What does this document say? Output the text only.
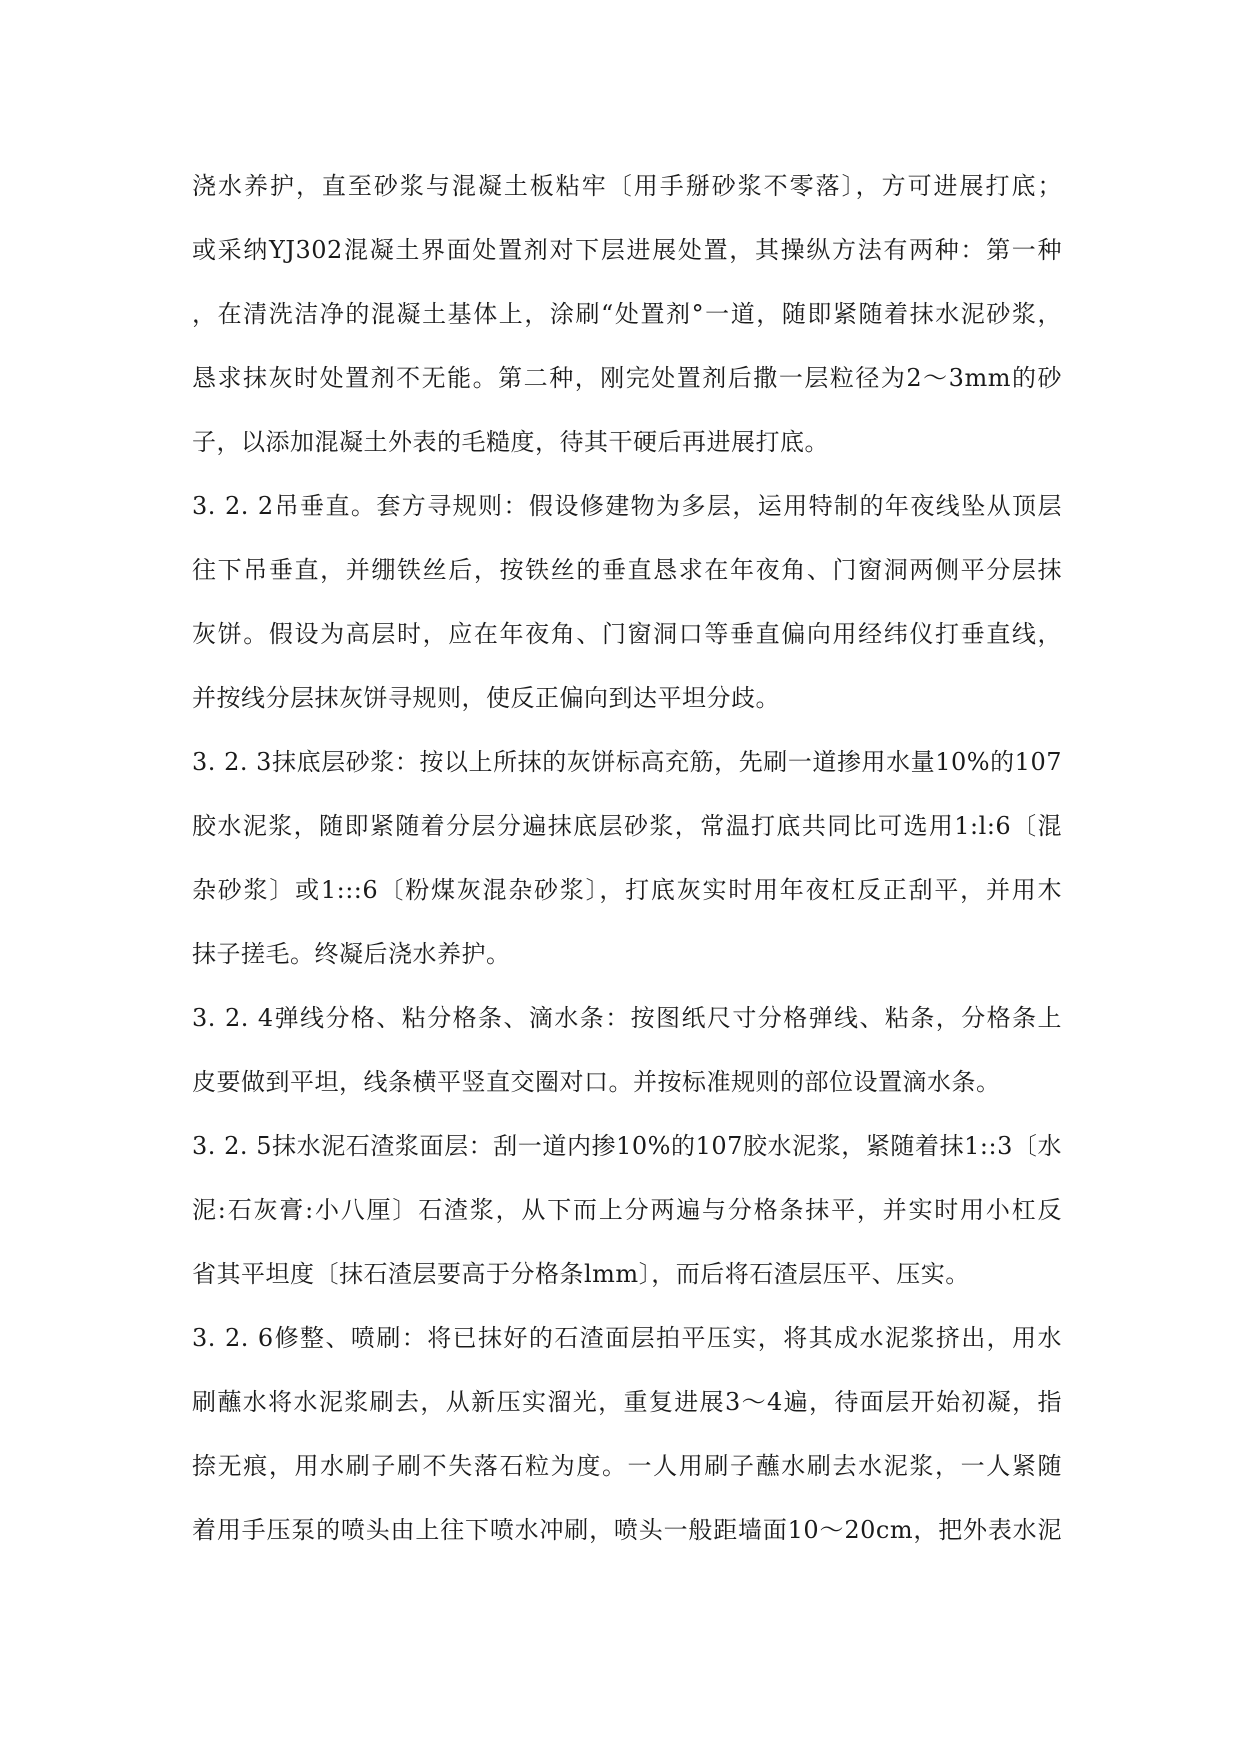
浇水养护，直至砂浆与混凝土板粘牢〔用手掰砂浆不零落〕，方可进展打底；
或采纳YJ302混凝土界面处置剂对下层进展处置，其操纵方法有两种：第一种
，在清洗洁净的混凝土基体上，涂刷“处置剂°一道，随即紧随着抹水泥砂浆，
恳求抹灰时处置剂不无能。第二种，刚完处置剂后撒一层粒径为2～3mm的砂
子，以添加混凝土外表的毛糙度，待其干硬后再进展打底。
3. 2. 2吊垂直。套方寻规则：假设修建物为多层，运用特制的年夜线坠从顶层
往下吊垂直，并绷铁丝后，按铁丝的垂直恳求在年夜角、门窗洞两侧平分层抹
灰饼。假设为高层时，应在年夜角、门窗洞口等垂直偏向用经纬仪打垂直线，
并按线分层抹灰饼寻规则，使反正偏向到达平坦分歧。
3. 2. 3抹底层砂浆：按以上所抹的灰饼标高充筋，先刷一道掺用水量10%的107
胶水泥浆，随即紧随着分层分遍抹底层砂浆，常温打底共同比可选用1:l:6〔混
杂砂浆〕或1:::6〔粉煤灰混杂砂浆〕，打底灰实时用年夜杠反正刮平，并用木
抹子搓毛。终凝后浇水养护。
3. 2. 4弹线分格、粘分格条、滴水条：按图纸尺寸分格弹线、粘条，分格条上
皮要做到平坦，线条横平竖直交圈对口。并按标准规则的部位设置滴水条。
3. 2. 5抹水泥石渣浆面层：刮一道内掺10%的107胶水泥浆，紧随着抹1::3〔水
泥:石灰膏:小八厘〕石渣浆，从下而上分两遍与分格条抹平，并实时用小杠反
省其平坦度〔抹石渣层要高于分格条lmm〕，而后将石渣层压平、压实。
3. 2. 6修整、喷刷：将已抹好的石渣面层拍平压实，将其成水泥浆挤出，用水
刷蘸水将水泥浆刷去，从新压实溜光，重复进展3～4遍，待面层开始初凝，指
捺无痕，用水刷子刷不失落石粒为度。一人用刷子蘸水刷去水泥浆，一人紧随
着用手压泵的喷头由上往下喷水冲刷，喷头一般距墙面10～20cm，把外表水泥
